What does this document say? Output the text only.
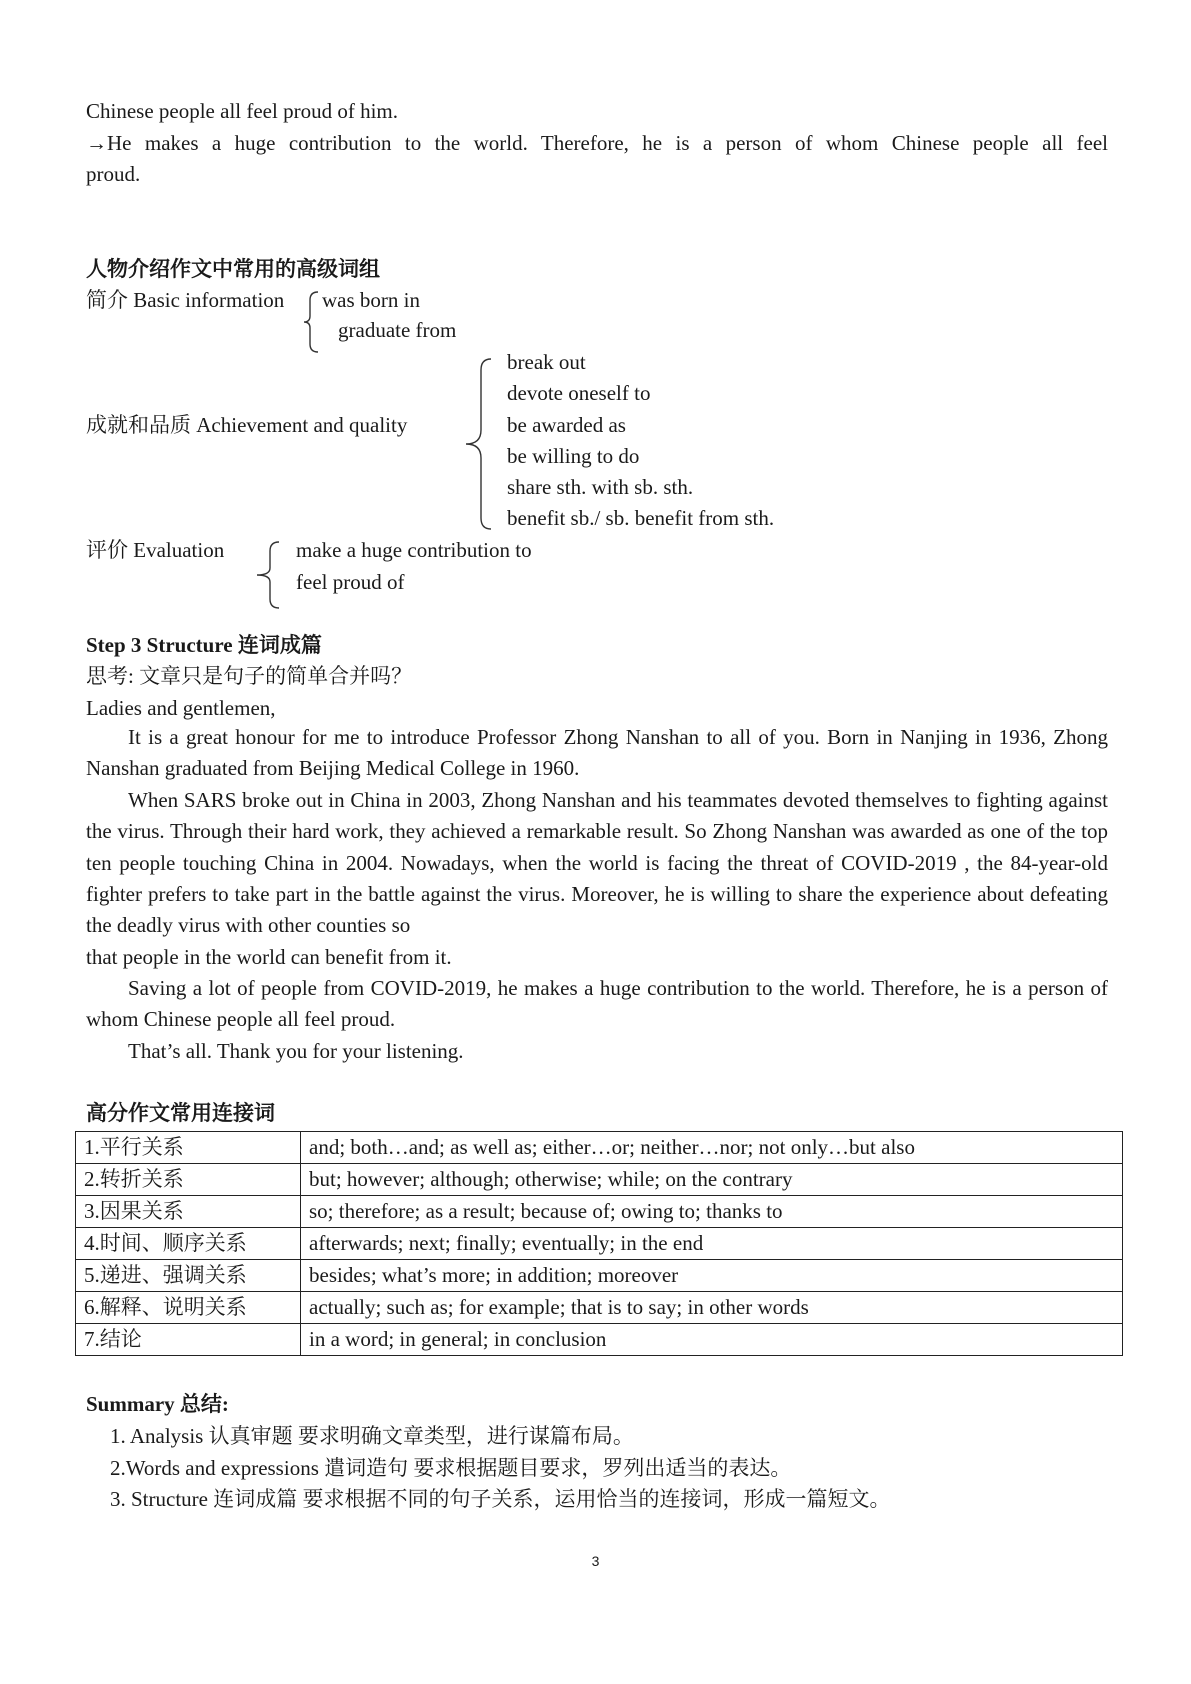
Chinese people all feel proud of him.
→He makes a huge contribution to the world. Therefore, he is a person of whom Chinese people all feel
proud.
人物介绍作文中常用的高级词组
简介 Basic information was born in
graduate from
成就和品质 Achievement and quality
break out
devote oneself to
be awarded as
be willing to do
share sth. with sb. sth.
benefit sb./ sb. benefit from sth.
评价 Evaluation	make a huge contribution to
feel proud of
Step 3 Structure 连词成篇
思考: 文章只是句子的简单合并吗？
Ladies and gentlemen,
It is a great honour for me to introduce Professor Zhong Nanshan to all of you. Born in Nanjing in 1936, Zhong Nanshan graduated from Beijing Medical College in 1960.
When SARS broke out in China in 2003, Zhong Nanshan and his teammates devoted themselves to fighting against the virus. Through their hard work, they achieved a remarkable result. So Zhong Nanshan was awarded as one of the top ten people touching China in 2004. Nowadays, when the world is facing the threat of COVID-2019 , the 84-year-old fighter prefers to take part in the battle against the virus. Moreover, he is willing to share the experience about defeating the deadly virus with other counties so
that people in the world can benefit from it.
Saving a lot of people from COVID-2019, he makes a huge contribution to the world. Therefore, he is a person of whom Chinese people all feel proud.
That’s all. Thank you for your listening.
高分作文常用连接词
1.平行关系	and; both…and; as well as; either…or; neither…nor; not only…but also
2.转折关系	but; however; although; otherwise; while; on the contrary
3.因果关系	so; therefore; as a result; because of; owing to; thanks to
4.时间、顺序关系	afterwards; next; finally; eventually; in the end
5.递进、强调关系	besides; what’s more; in addition; moreover
6.解释、说明关系	actually; such as; for example; that is to say; in other words
7.结论	in a word; in general; in conclusion
Summary 总结:
1. Analysis 认真审题 要求明确文章类型，进行谋篇布局。
2.Words and expressions 遣词造句 要求根据题目要求，罗列出适当的表达。
3. Structure 连词成篇 要求根据不同的句子关系，运用恰当的连接词，形成一篇短文。
3
